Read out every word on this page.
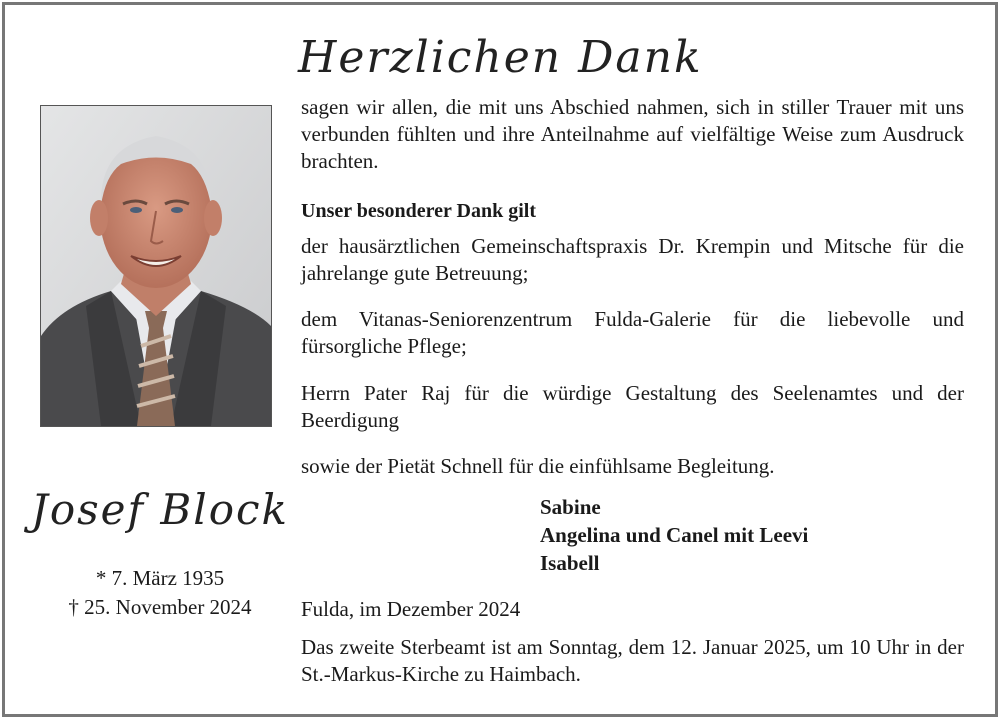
Herzlichen Dank

sagen wir allen, die mit uns Abschied nahmen, sich in stiller Trauer mit uns verbunden fühlten und ihre Anteilnahme auf vielfältige Weise zum Ausdruck brachten.

Unser besonderer Dank gilt

der hausärztlichen Gemeinschaftspraxis Dr. Krempin und Mitsche für die jahrelange gute Betreuung;

dem Vitanas-Seniorenzentrum Fulda-Galerie für die liebevolle und fürsorgliche Pflege;

Herrn Pater Raj für die würdige Gestaltung des Seelenamtes und der Beerdigung

sowie der Pietät Schnell für die einfühlsame Begleitung.

Josef Block
* 7. März 1935
† 25. November 2024
Sabine
Angelina und Canel mit Leevi
Isabell
Fulda, im Dezember 2024

Das zweite Sterbeamt ist am Sonntag, dem 12. Januar 2025, um 10 Uhr in der St.-Markus-Kirche zu Haimbach.
